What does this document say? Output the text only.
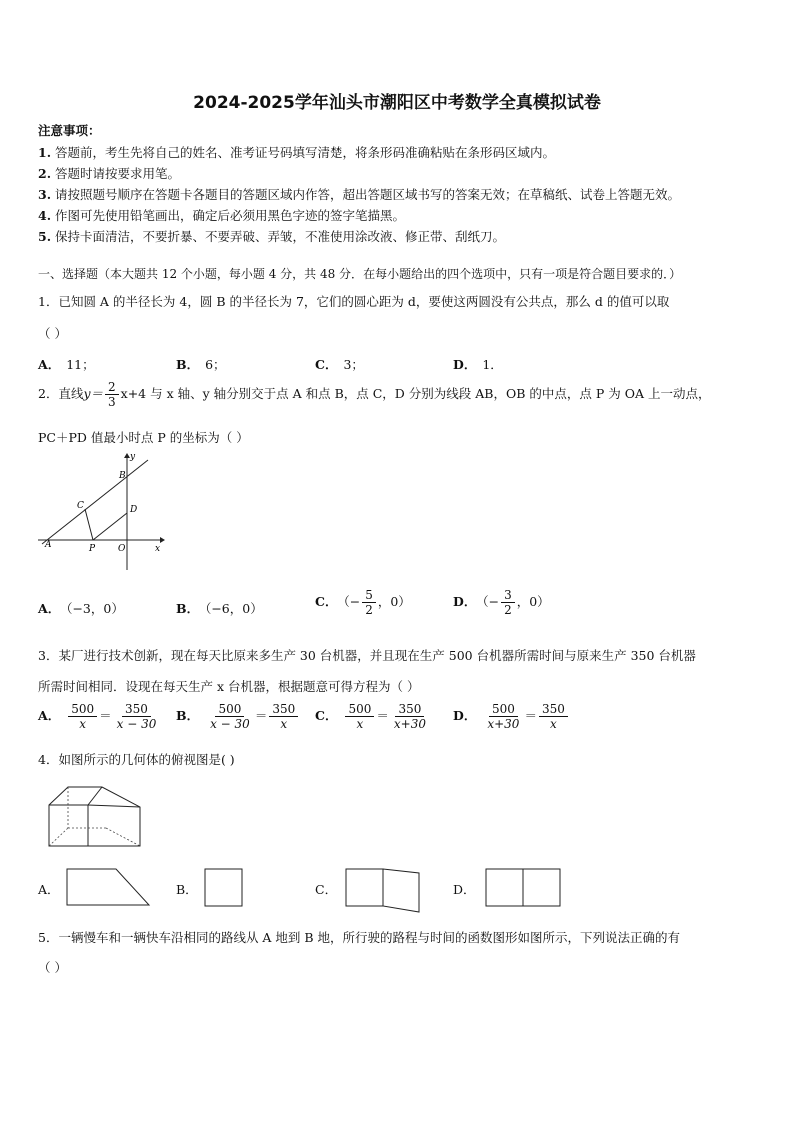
2024-2025学年汕头市潮阳区中考数学全真模拟试卷
注意事项：
1. 答题前，考生先将自己的姓名、准考证号码填写清楚，将条形码准确粘贴在条形码区域内。
2. 答题时请按要求用笔。
3. 请按照题号顺序在答题卡各题目的答题区域内作答，超出答题区域书写的答案无效；在草稿纸、试卷上答题无效。
4. 作图可先使用铅笔画出，确定后必须用黑色字迹的签字笔描黑。
5. 保持卡面清洁，不要折暴、不要弄破、弄皱，不准使用涂改液、修正带、刮纸刀。
一、选择题（本大题共 12 个小题，每小题 4 分，共 48 分．在每小题给出的四个选项中，只有一项是符合题目要求的．）
1．已知圆 A 的半径长为 4，圆 B 的半径长为 7，它们的圆心距为 d，要使这两圆没有公共点，那么 d 的值可以取
（ ）
A． 11；	B． 6；	C． 3；	D． 1．
2．直线$y= \frac{2}{3} x+4$ 与 x 轴、y 轴分别交于点 A 和点 B，点 C，D 分别为线段 AB，OB 的中点，点 P 为 OA 上一动点，
PC＋PD 值最小时点 P 的坐标为（ ）
A
B
C	D
P	O	x
y
A． （−3，0）	B． （−6，0）	C． （− $\frac{5}{2}$ ，0）	D． （− $\frac{3}{2}$ ，0）
3．某厂进行技术创新，现在每天比原来多生产 30 台机器，并且现在生产 500 台机器所需时间与原来生产 350 台机器
所需时间相同．设现在每天生产 x 台机器，根据题意可得方程为（ ）
A． $\frac{500}{x} = \frac{350}{x - 30}$ B． $\frac{500}{x - 30} = \frac{350}{x}$ C． $\frac{500}{x} = \frac{350}{x+30}$ D． $\frac{500}{x+30} = \frac{350}{x}$
4．如图所示的几何体的俯视图是( )
A．	B．	C．	D．
5．一辆慢车和一辆快车沿相同的路线从 A 地到 B 地，所行驶的路程与时间的函数图形如图所示，下列说法正确的有
（ ）
